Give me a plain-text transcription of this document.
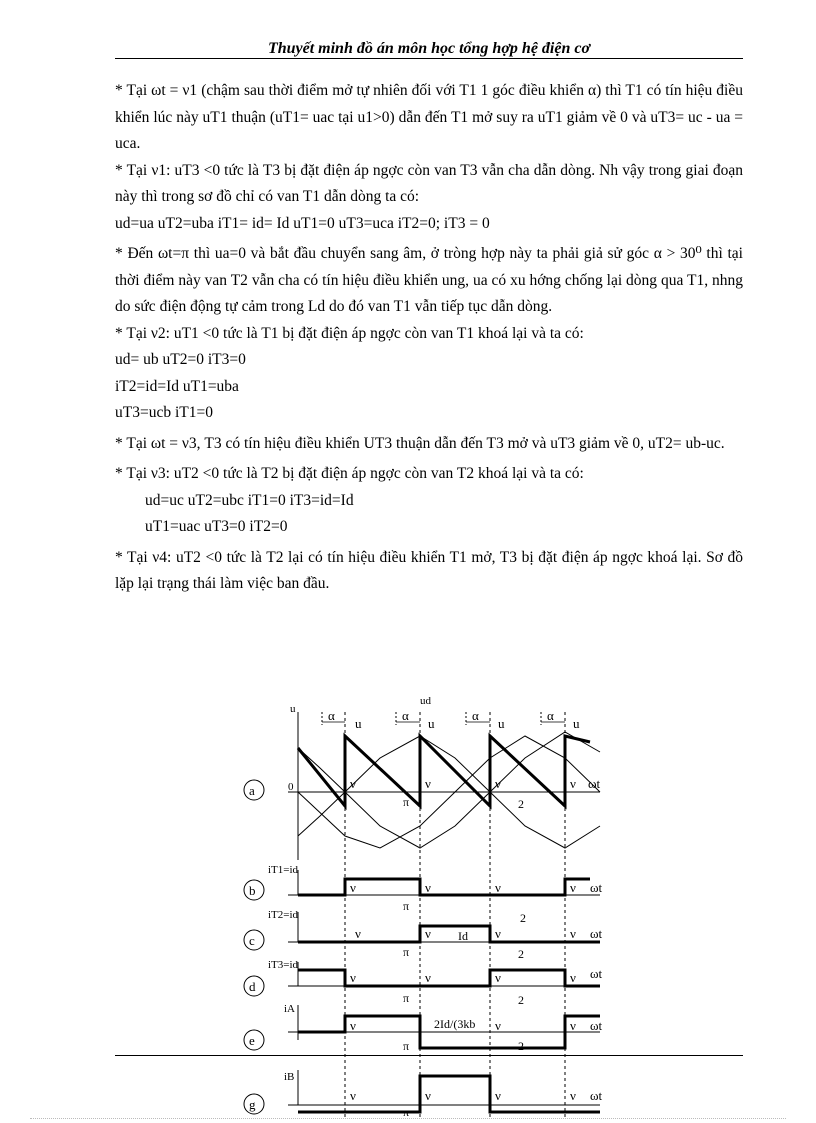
Thuyết minh đồ án môn học tổng hợp hệ điện cơ

* Tại ωt = ν1 (chậm sau thời điểm mở tự nhiên đối với T1 1 góc điều khiển α) thì T1 có tín hiệu điều khiển lúc này uT1 thuận (uT1= uac tại u1>0) dẫn đến T1 mở suy ra uT1 giảm về 0 và uT3= uc - ua = uca.

* Tại ν1: uT3 <0 tức là T3 bị đặt điện áp ngợc còn van T3 vẫn cha dẫn dòng. Nh vậy trong giai đoạn này thì trong sơ đồ chỉ có van T1 dẫn dòng ta có:

ud=ua uT2=uba iT1= id= Id uT1=0 uT3=uca iT2=0; iT3 = 0

* Đến ωt=π thì ua=0 và bắt đầu chuyển sang âm, ở tròng hợp này ta phải giả sử góc α > 30⁰ thì tại thời điểm này van T2 vẫn cha có tín hiệu điều khiển ung, ua có xu hớng chống lại dòng qua T1, nhng do sức điện động tự cảm trong Ld do đó van T1 vẫn tiếp tục dẫn dòng.

* Tại ν2: uT1 <0 tức là T1 bị đặt điện áp ngợc còn van T1 khoá lại và ta có:

ud= ub uT2=0 iT3=0

iT2=id=Id uT1=uba

uT3=ucb iT1=0

* Tại ωt = ν3, T3 có tín hiệu điều khiển UT3 thuận dẫn đến T3 mở và uT3 giảm về 0, uT2= ub-uc.

* Tại ν3: uT2 <0 tức là T2 bị đặt điện áp ngợc còn van T2 khoá lại và ta có:

ud=uc uT2=ubc iT1=0 iT3=id=Id

uT1=uac uT3=0 iT2=0

* Tại ν4: uT2 <0 tức là T2 lại có tín hiệu điều khiển T1 mở, T3 bị đặt điện áp ngợc khoá lại. Sơ đồ lặp lại trạng thái làm việc ban đầu.

α	α	α	α
ud
u
u	u	u	u
0	ν	ν	ν	ν ωt
π	2
a
iT1=id
ν	ν	ν	ν ωt
π
b
iT2=id
Id
ν	ν	ν	ν ωt
π
2
2
c
iT3=id
ν	ν	ν	ν ωt
π	2
d
iA
2Id/(3kb
ν	ν	ν ωt
π	2
e
iB
ν	ν	ν	ν ωt
π
g
